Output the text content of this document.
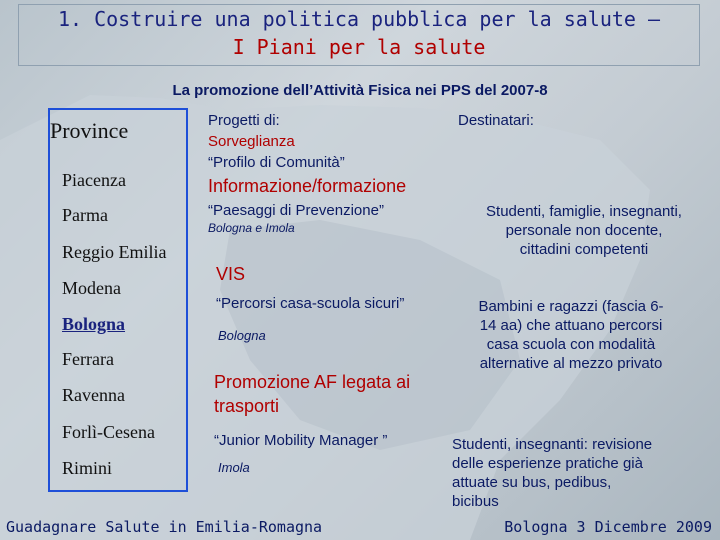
1. Costruire una politica pubblica per la salute –
I Piani per la salute
La promozione dell’Attività Fisica nei PPS del 2007-8
Province
Piacenza
Parma
Reggio Emilia
Modena
Bologna
Ferrara
Ravenna
Forlì-Cesena
Rimini
Progetti di:
Sorveglianza
“Profilo di Comunità”
Informazione/formazione
“Paesaggi di Prevenzione”
Bologna e Imola
VIS
“Percorsi casa-scuola sicuri”
Bologna
Promozione AF legata ai
trasporti
“Junior Mobility Manager ”
Imola
Destinatari:
Studenti, famiglie, insegnanti,
personale non docente,
cittadini competenti
Bambini e ragazzi (fascia 6-
14 aa) che attuano percorsi
casa scuola con modalità
alternative al mezzo privato
Studenti, insegnanti: revisione
delle esperienze pratiche già
attuate su bus, pedibus,
bicibus
Guadagnare Salute in Emilia-Romagna	Bologna 3 Dicembre 2009
